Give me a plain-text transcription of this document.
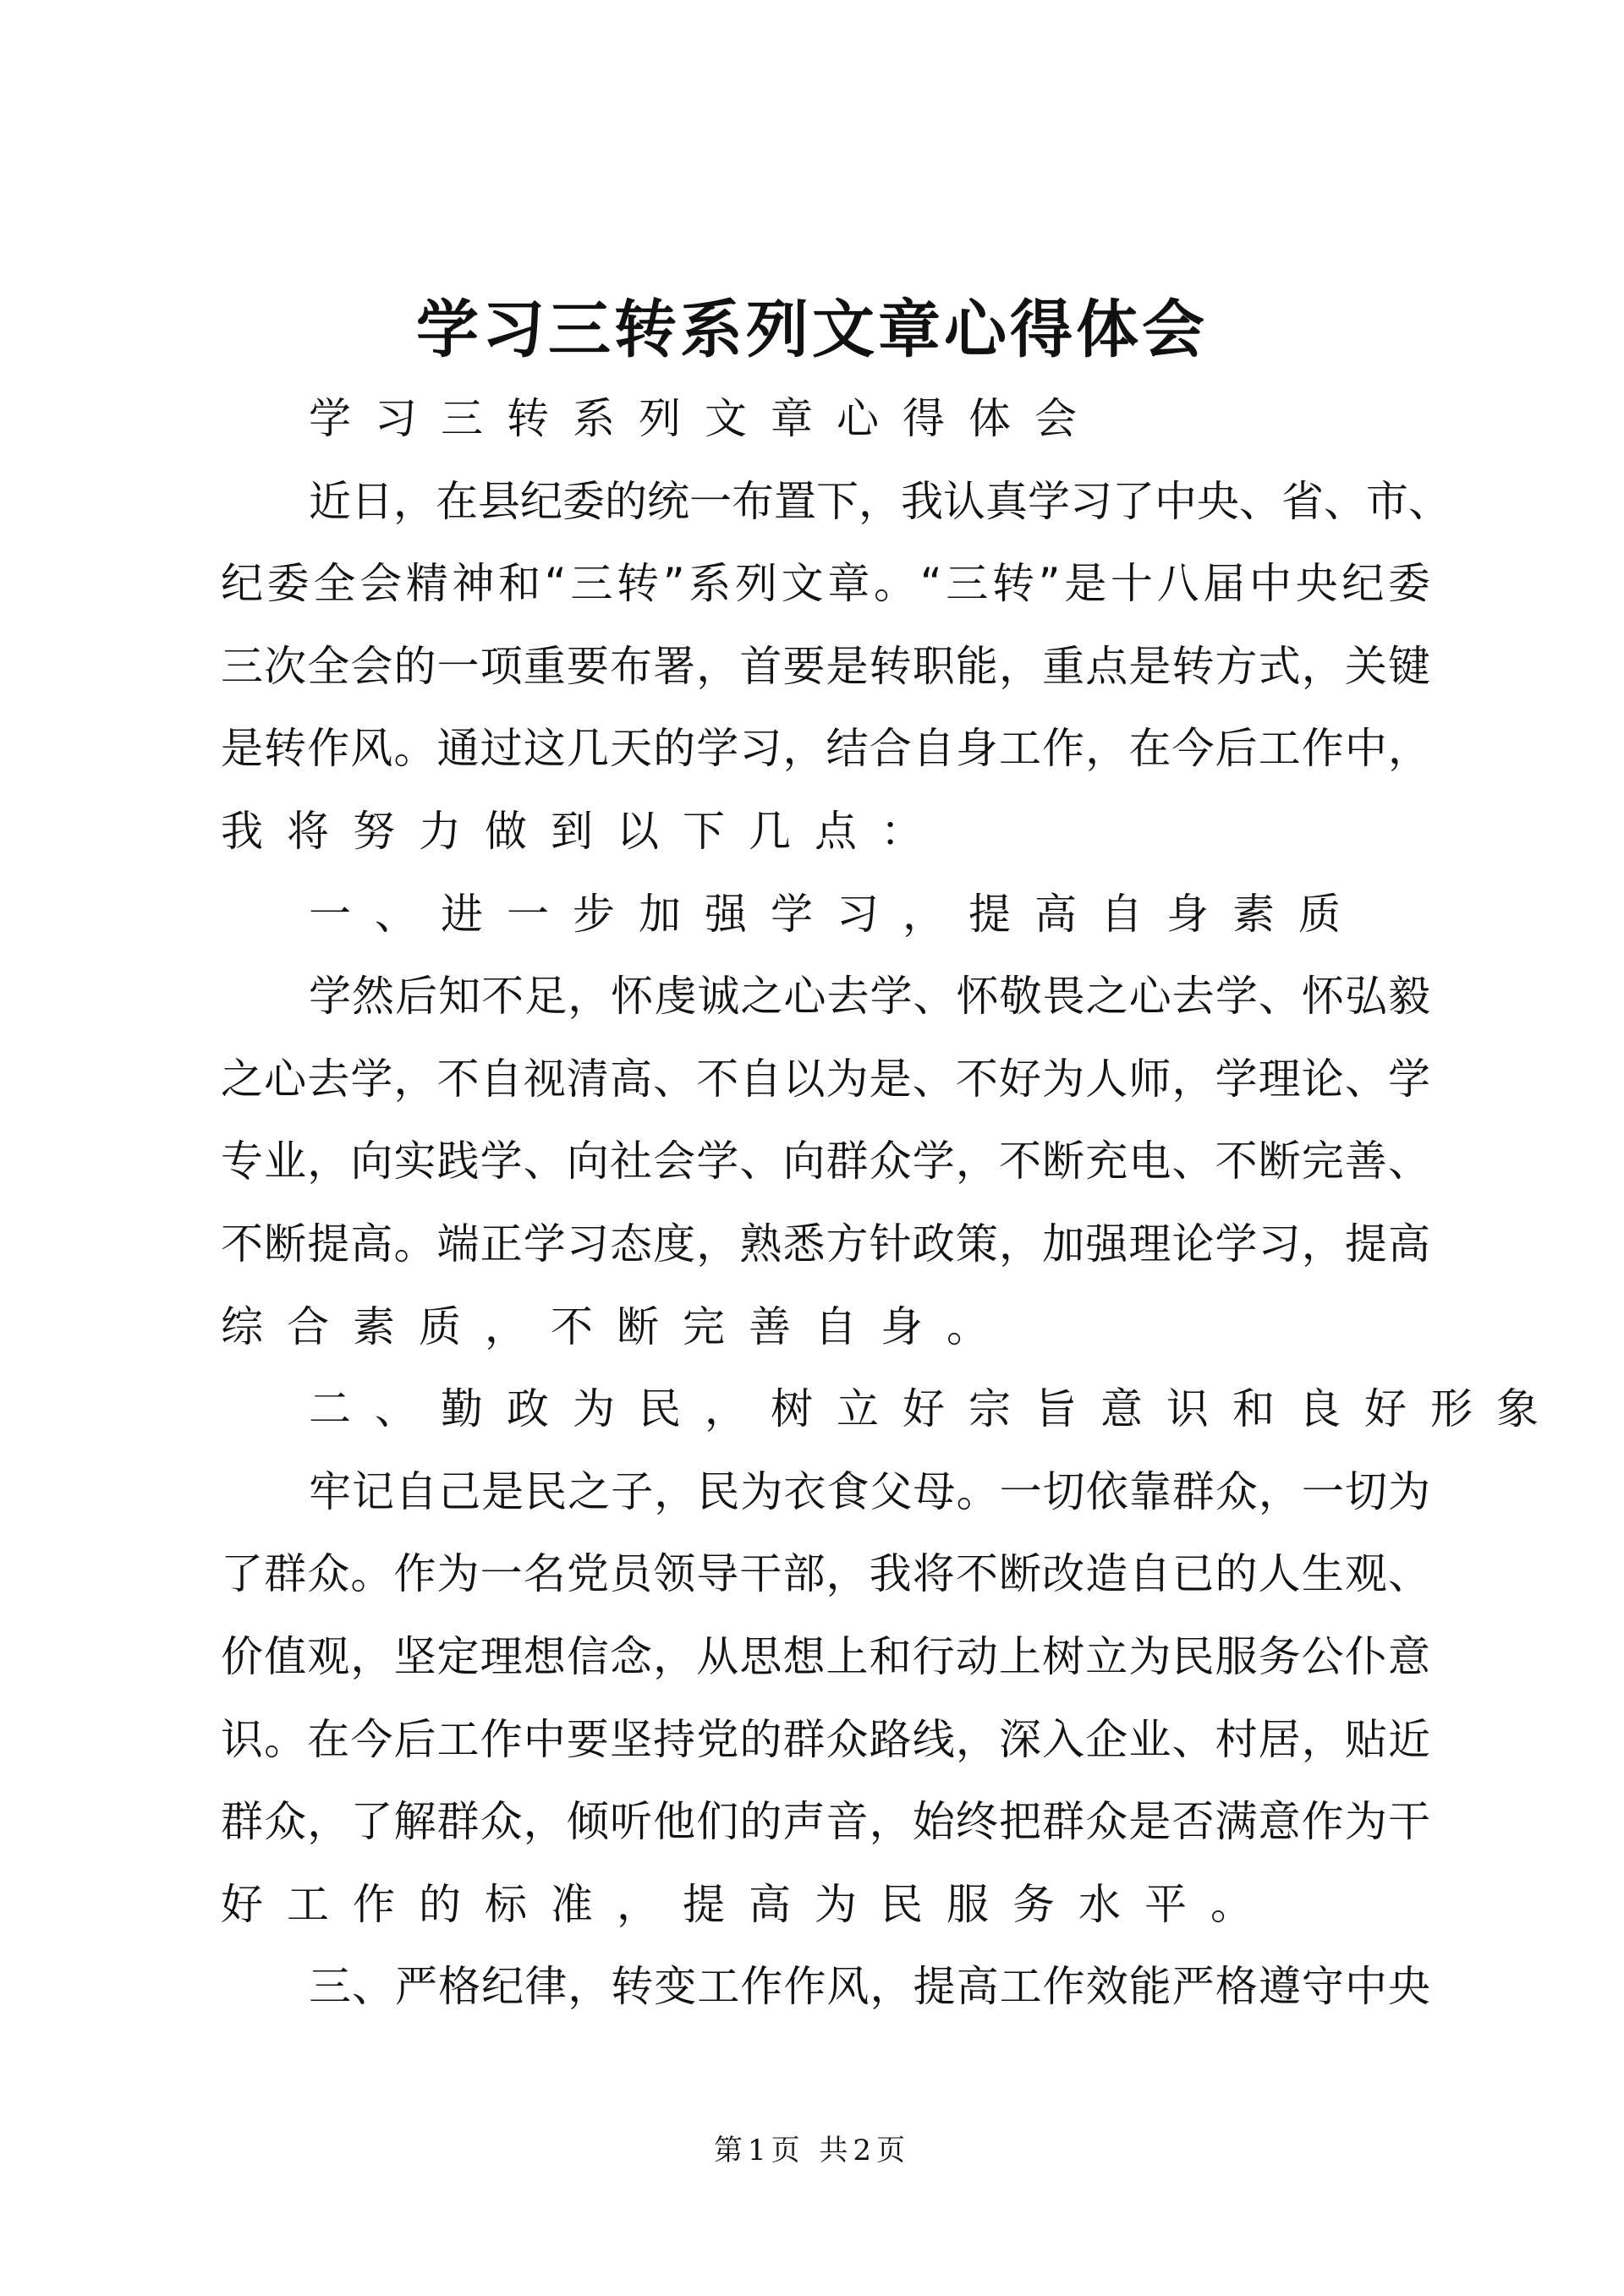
学习三转系列文章心得体会
学习三转系列文章心得体会
近日，在县纪委的统一布置下，我认真学习了中央、省、市、
纪委全会精神和“三转”系列文章。“三转”是十八届中央纪委
三次全会的一项重要布署，首要是转职能，重点是转方式，关键
是转作风。通过这几天的学习，结合自身工作，在今后工作中，
我将努力做到以下几点：
一、进一步加强学习，提高自身素质
学然后知不足，怀虔诚之心去学、怀敬畏之心去学、怀弘毅
之心去学，不自视清高、不自以为是、不好为人师，学理论、学
专业，向实践学、向社会学、向群众学，不断充电、不断完善、
不断提高。端正学习态度，熟悉方针政策，加强理论学习，提高
综合素质，不断完善自身。
二、勤政为民，树立好宗旨意识和良好形象
牢记自己是民之子，民为衣食父母。一切依靠群众，一切为
了群众。作为一名党员领导干部，我将不断改造自已的人生观、
价值观，坚定理想信念，从思想上和行动上树立为民服务公仆意
识。在今后工作中要坚持党的群众路线，深入企业、村居，贴近
群众，了解群众，倾听他们的声音，始终把群众是否满意作为干
好工作的标准，提高为民服务水平。
三、严格纪律，转变工作作风，提高工作效能严格遵守中央
第1页 共2页
